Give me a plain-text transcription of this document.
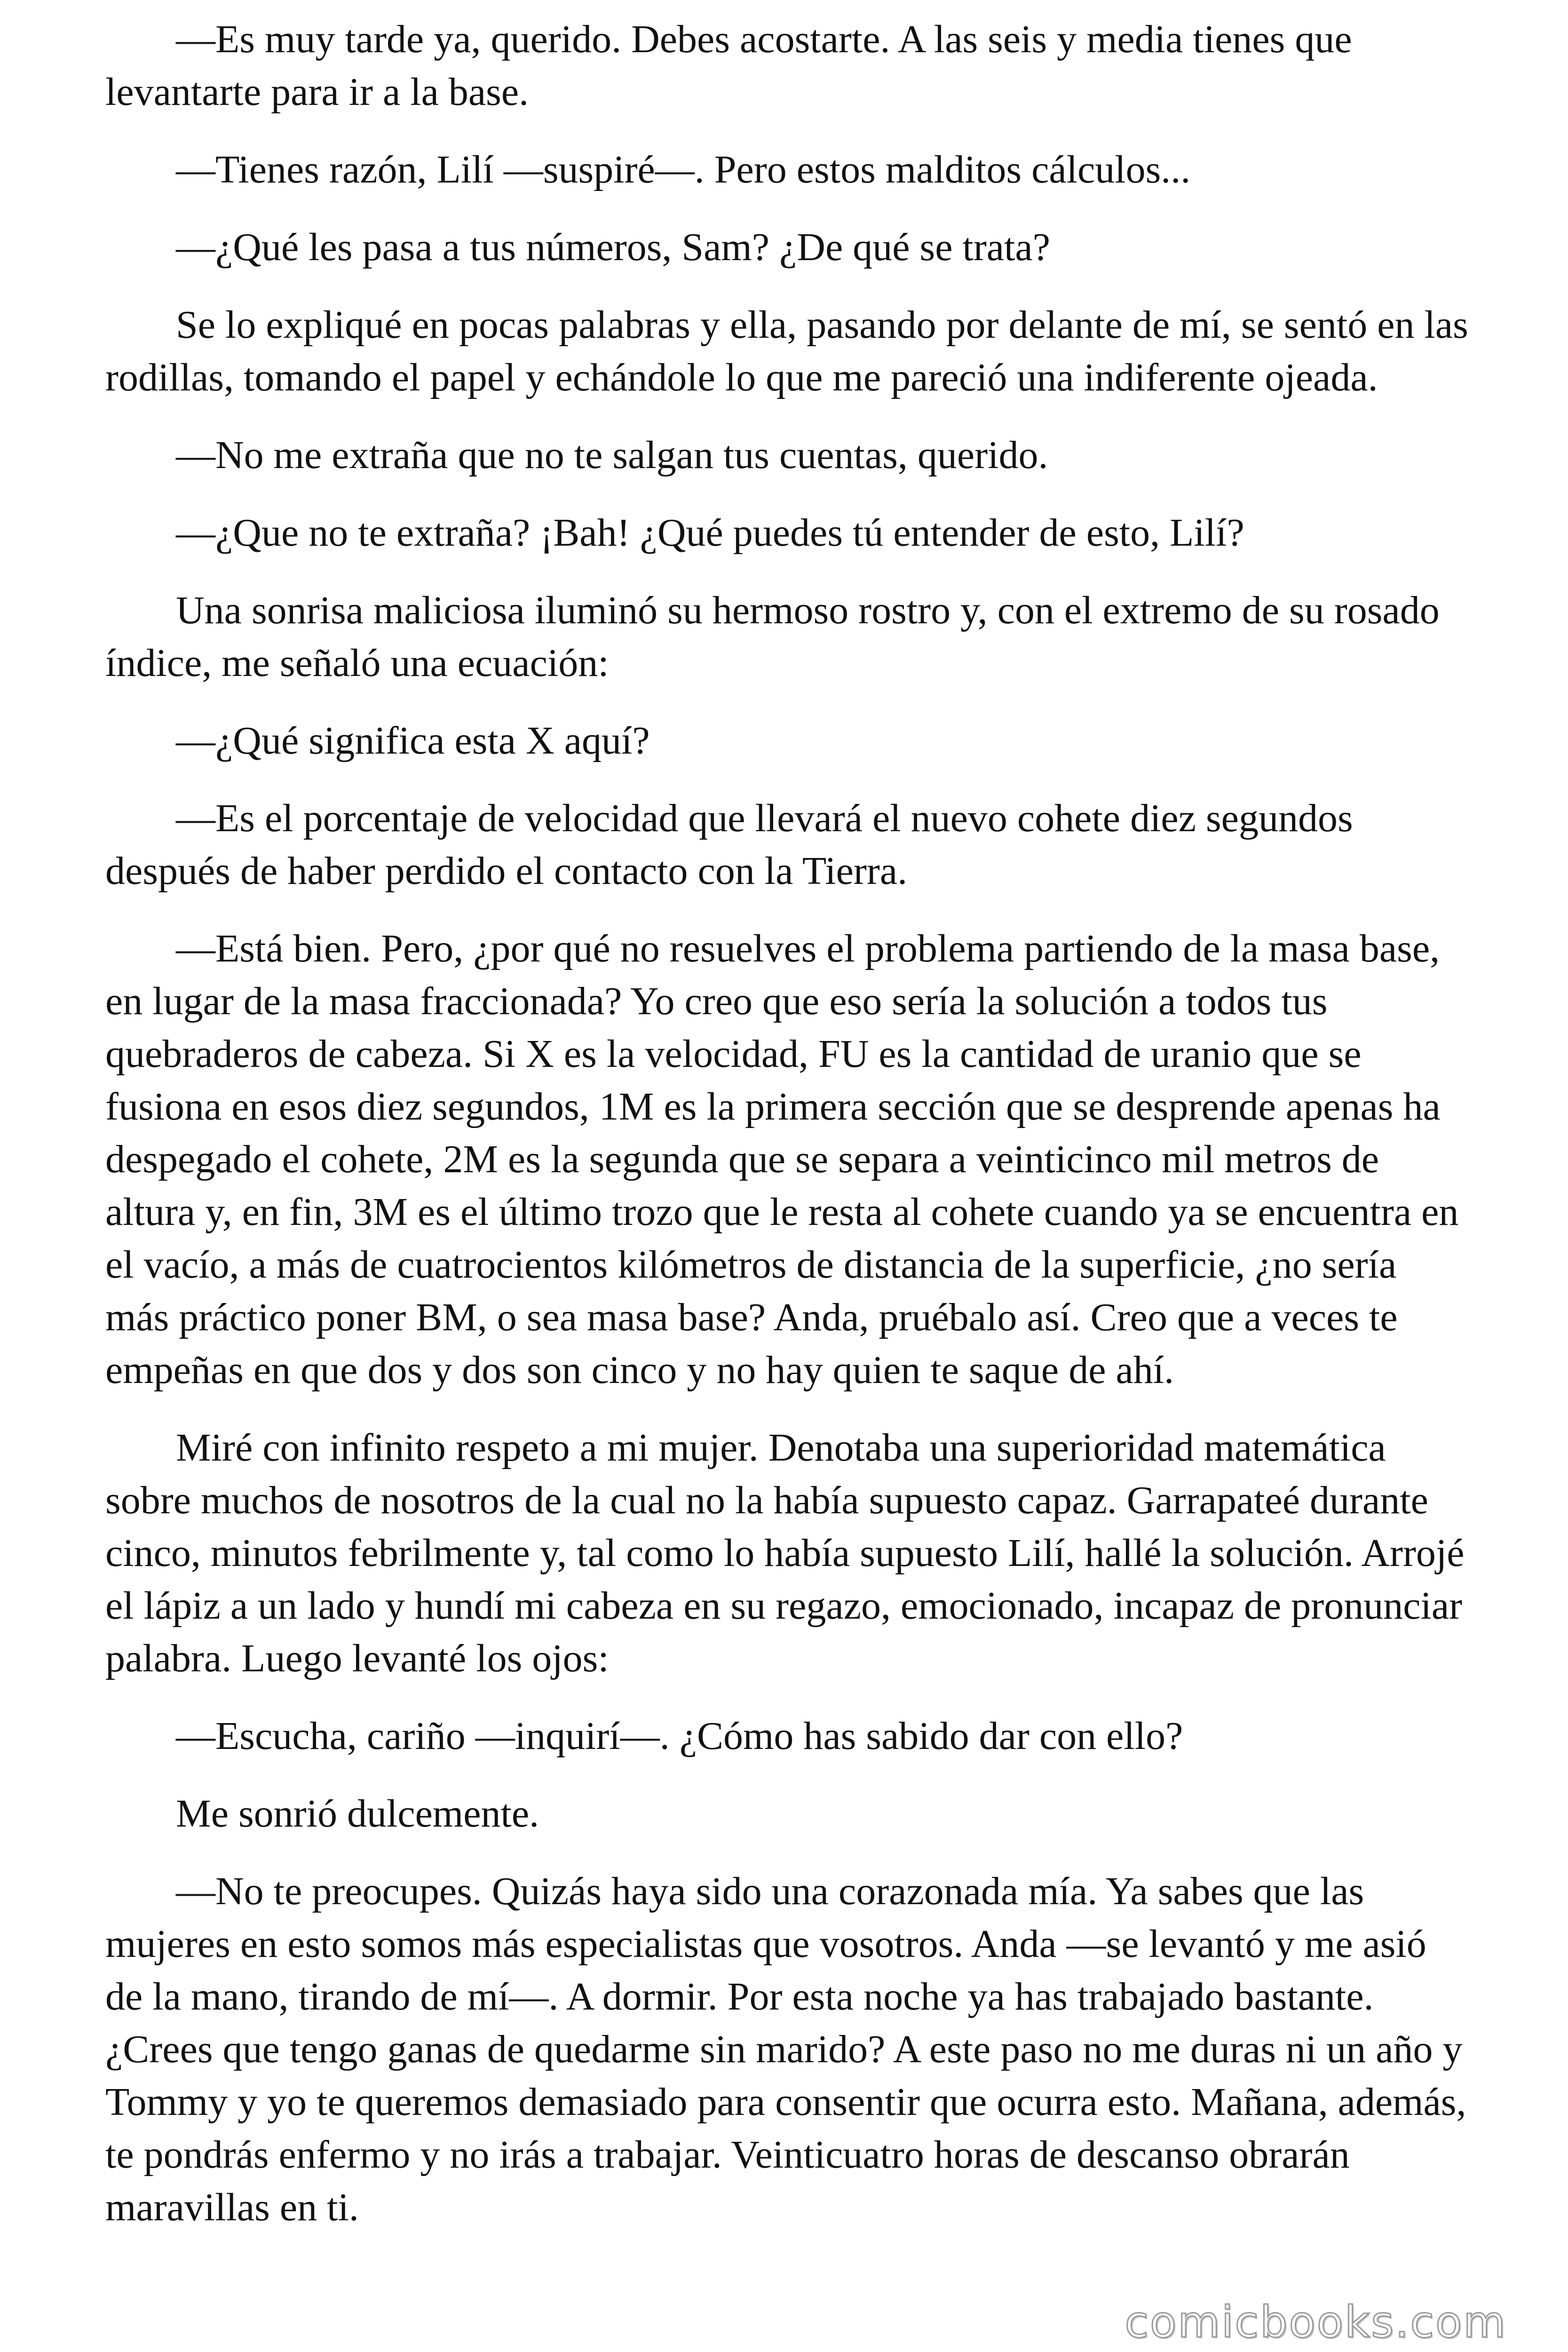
—Es muy tarde ya, querido. Debes acostarte. A las seis y media tienes que levantarte para ir a la base.

—Tienes razón, Lilí —suspiré—. Pero estos malditos cálculos...

—¿Qué les pasa a tus números, Sam? ¿De qué se trata?

Se lo expliqué en pocas palabras y ella, pasando por delante de mí, se sentó en las rodillas, tomando el papel y echándole lo que me pareció una indiferente ojeada.

—No me extraña que no te salgan tus cuentas, querido.

—¿Que no te extraña? ¡Bah! ¿Qué puedes tú entender de esto, Lilí?

Una sonrisa maliciosa iluminó su hermoso rostro y, con el extremo de su rosado índice, me señaló una ecuación:

—¿Qué significa esta X aquí?

—Es el porcentaje de velocidad que llevará el nuevo cohete diez segundos después de haber perdido el contacto con la Tierra.

—Está bien. Pero, ¿por qué no resuelves el problema partiendo de la masa base, en lugar de la masa fraccionada? Yo creo que eso sería la solución a todos tus quebraderos de cabeza. Si X es la velocidad, FU es la cantidad de uranio que se fusiona en esos diez segundos, 1M es la primera sección que se desprende apenas ha despegado el cohete, 2M es la segunda que se separa a veinticinco mil metros de altura y, en fin, 3M es el último trozo que le resta al cohete cuando ya se encuentra en el vacío, a más de cuatrocientos kilómetros de distancia de la superficie, ¿no sería más práctico poner BM, o sea masa base? Anda, pruébalo así. Creo que a veces te empeñas en que dos y dos son cinco y no hay quien te saque de ahí.

Miré con infinito respeto a mi mujer. Denotaba una superioridad matemática sobre muchos de nosotros de la cual no la había supuesto capaz. Garrapateé durante cinco, minutos febrilmente y, tal como lo había supuesto Lilí, hallé la solución. Arrojé el lápiz a un lado y hundí mi cabeza en su regazo, emocionado, incapaz de pronunciar palabra. Luego levanté los ojos:

—Escucha, cariño —inquirí—. ¿Cómo has sabido dar con ello?

Me sonrió dulcemente.

—No te preocupes. Quizás haya sido una corazonada mía. Ya sabes que las mujeres en esto somos más especialistas que vosotros. Anda —se levantó y me asió de la mano, tirando de mí—. A dormir. Por esta noche ya has trabajado bastante. ¿Crees que tengo ganas de quedarme sin marido? A este paso no me duras ni un año y Tommy y yo te queremos demasiado para consentir que ocurra esto. Mañana, además, te pondrás enfermo y no irás a trabajar. Veinticuatro horas de descanso obrarán maravillas en ti.

comicbooks.com
